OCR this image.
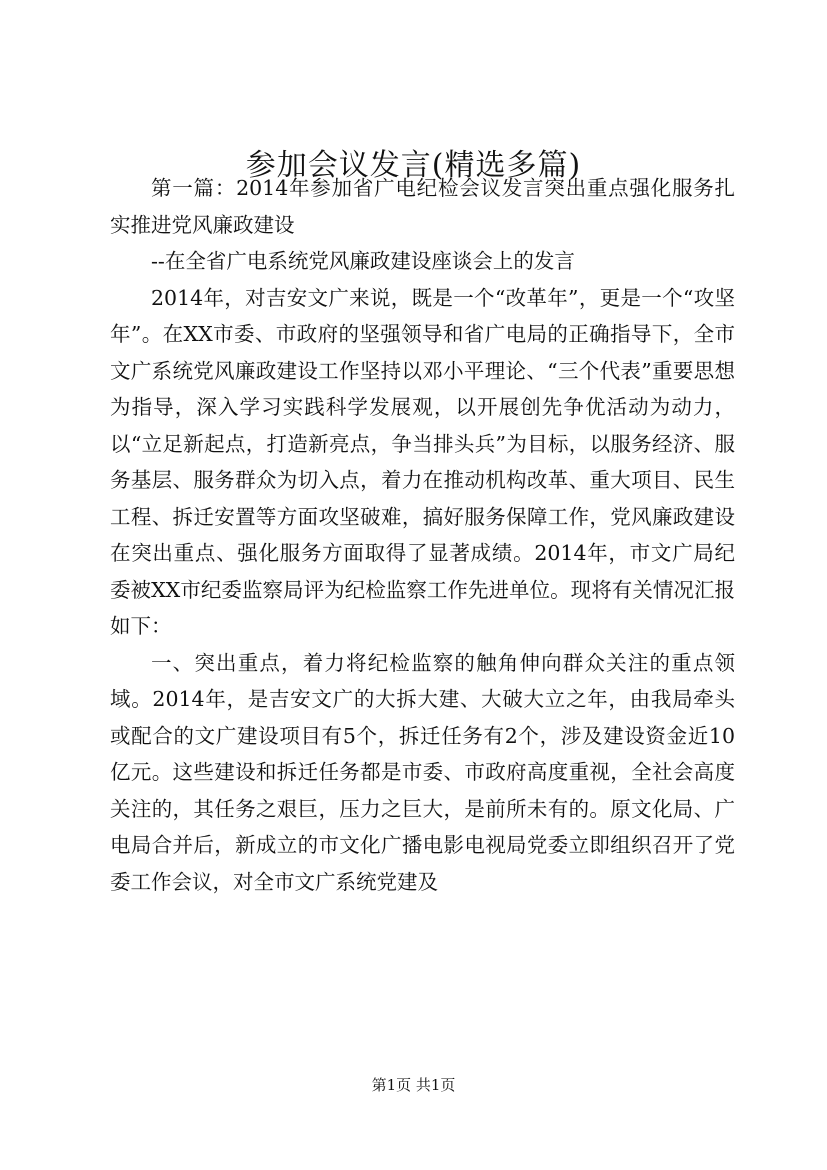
参加会议发言(精选多篇)

第一篇：2014年参加省广电纪检会议发言突出重点强化服务扎实推进党风廉政建设

--在全省广电系统党风廉政建设座谈会上的发言

2014年，对吉安文广来说，既是一个“改革年”，更是一个“攻坚年”。在XX市委、市政府的坚强领导和省广电局的正确指导下，全市文广系统党风廉政建设工作坚持以邓小平理论、“三个代表”重要思想为指导，深入学习实践科学发展观，以开展创先争优活动为动力，以“立足新起点，打造新亮点，争当排头兵”为目标，以服务经济、服务基层、服务群众为切入点，着力在推动机构改革、重大项目、民生工程、拆迁安置等方面攻坚破难，搞好服务保障工作，党风廉政建设在突出重点、强化服务方面取得了显著成绩。2014年，市文广局纪委被XX市纪委监察局评为纪检监察工作先进单位。现将有关情况汇报如下：

一、突出重点，着力将纪检监察的触角伸向群众关注的重点领域。2014年，是吉安文广的大拆大建、大破大立之年，由我局牵头或配合的文广建设项目有5个，拆迁任务有2个，涉及建设资金近10亿元。这些建设和拆迁任务都是市委、市政府高度重视，全社会高度关注的，其任务之艰巨，压力之巨大，是前所未有的。原文化局、广电局合并后，新成立的市文化广播电影电视局党委立即组织召开了党委工作会议，对全市文广系统党建及

第1页 共1页
